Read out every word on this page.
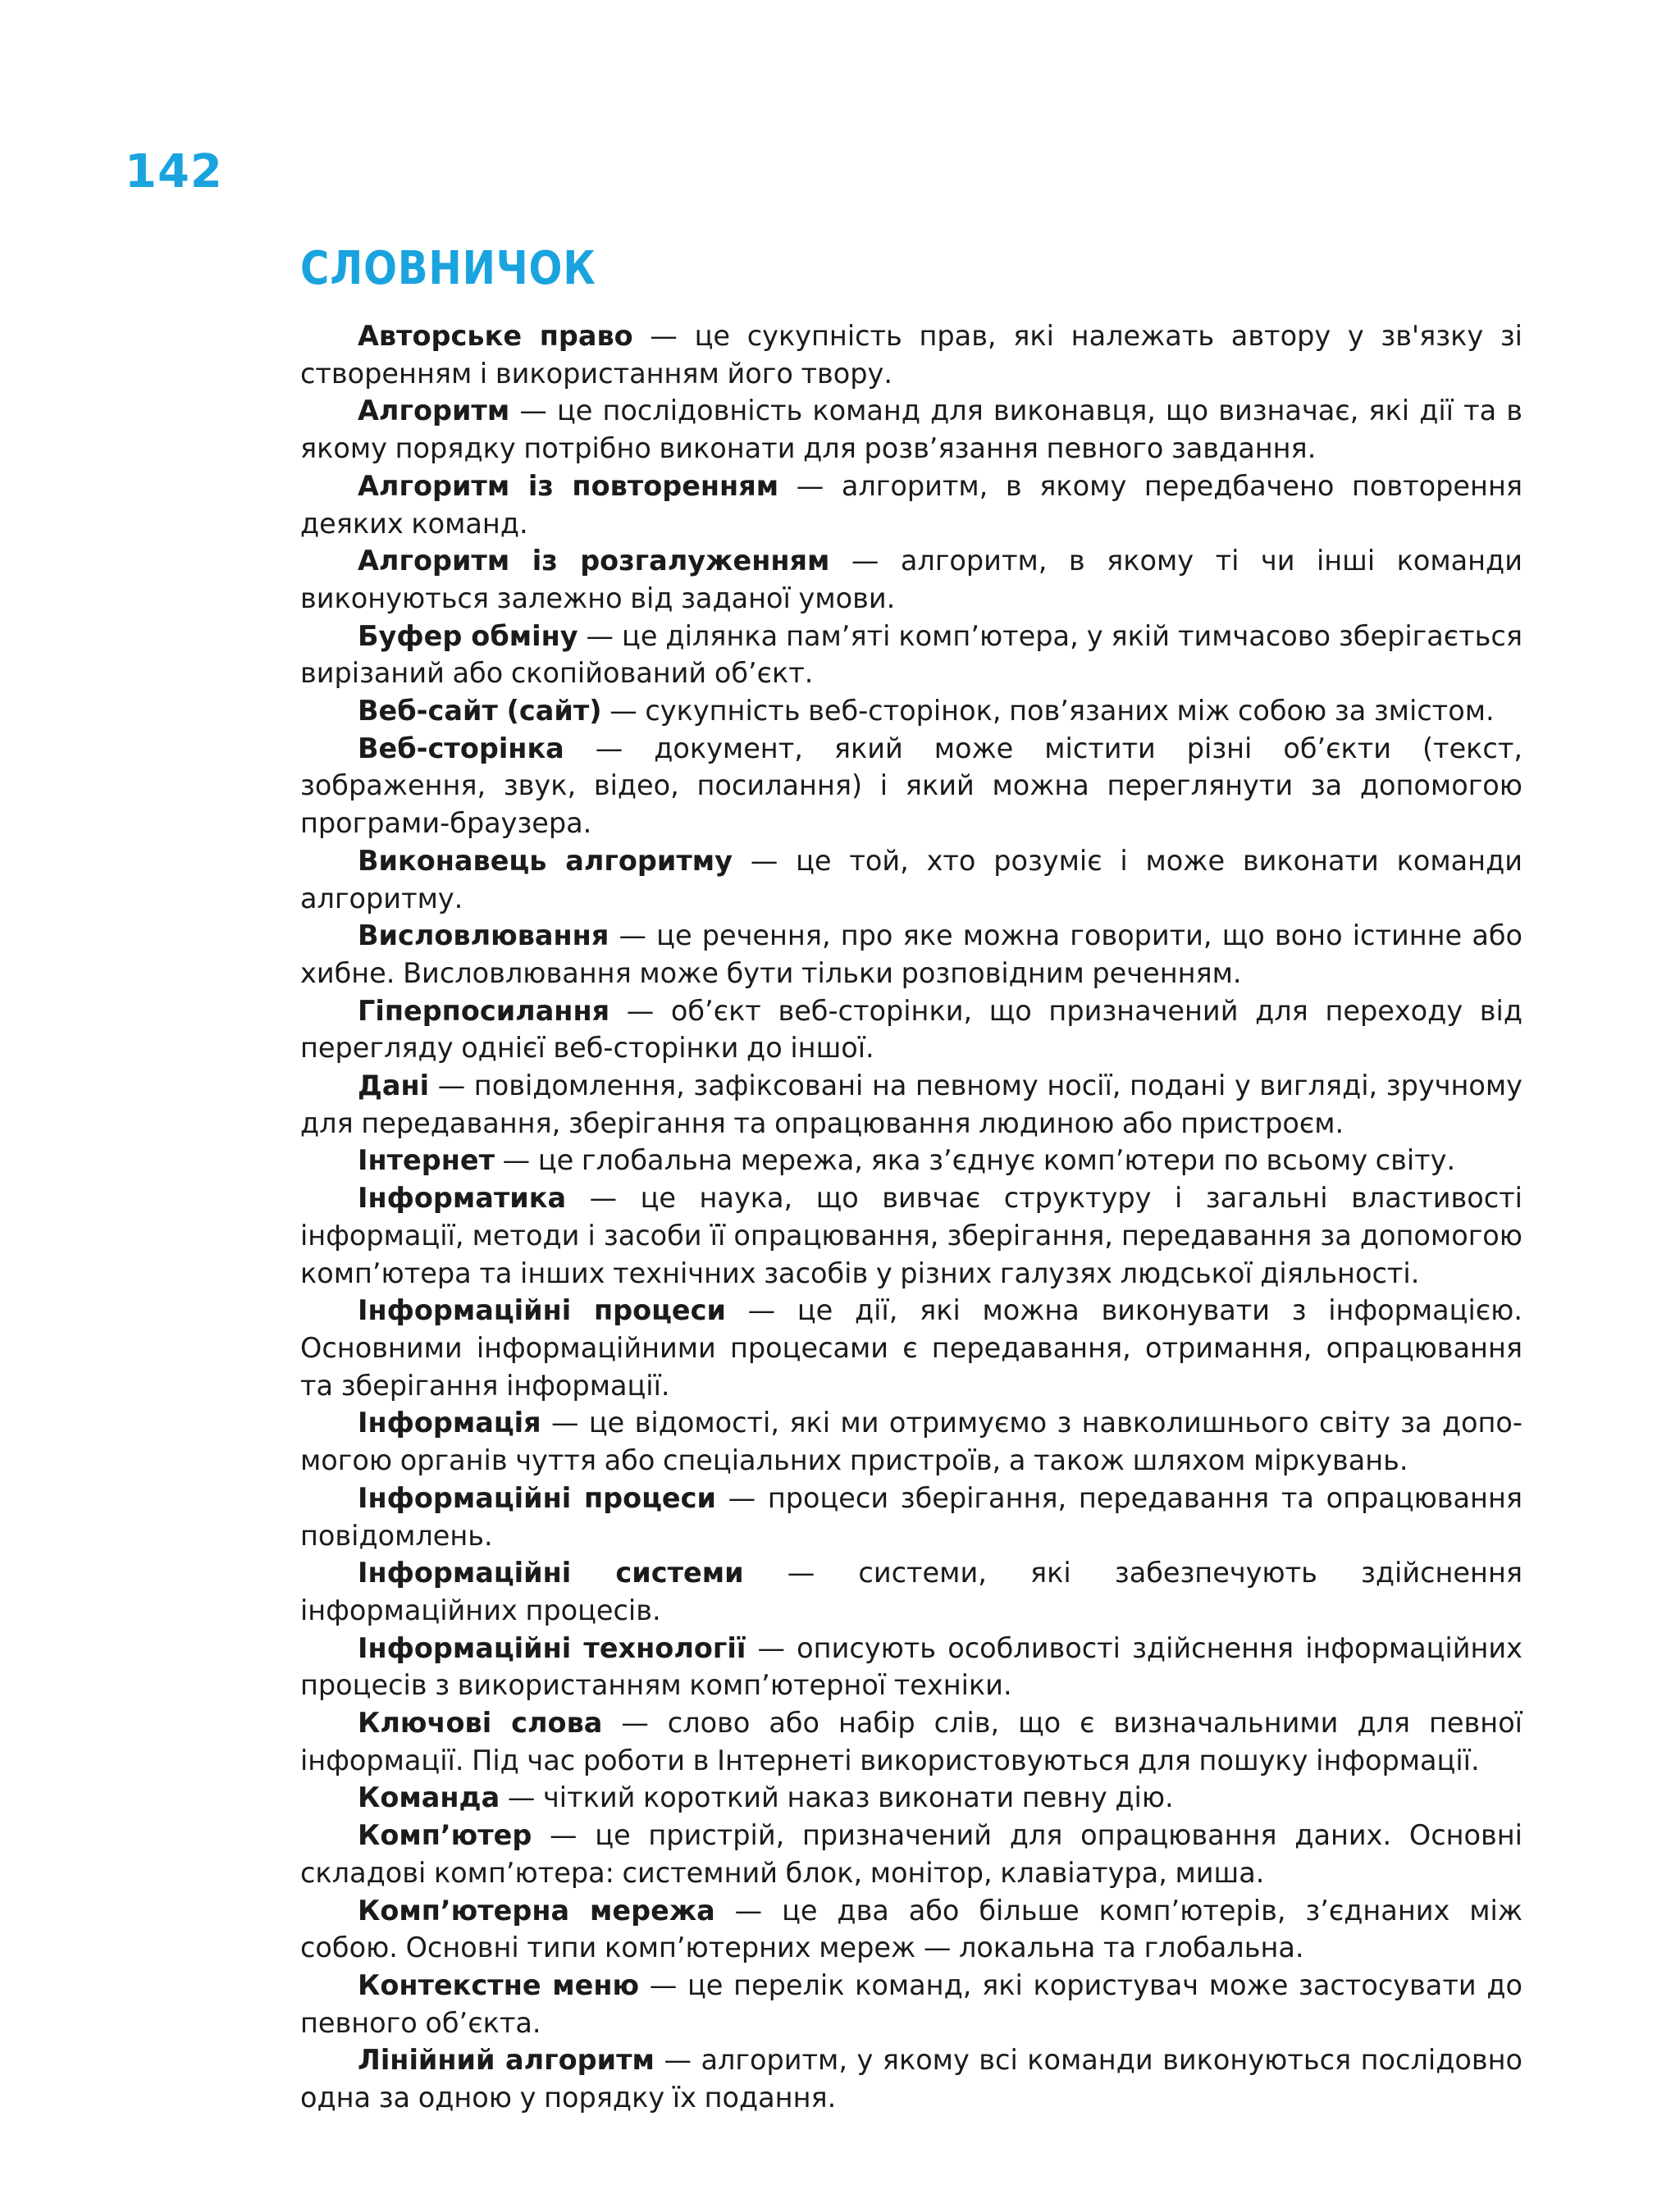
142
СЛОВНИЧОК

Авторське право — це сукупність прав, які належать автору у зв'язку зі створенням і використанням його твору.

Алгоритм — це послідовність команд для виконавця, що визначає, які дії та в якому порядку потрібно виконати для розв’язання певного завдання.

Алгоритм із повторенням — алгоритм, в якому передбачено повторення деяких команд.

Алгоритм із розгалуженням — алгоритм, в якому ті чи інші команди виконуються залежно від заданої умови.

Буфер обміну — це ділянка пам’яті комп’ютера, у якій тимчасово зберігається вирізаний або скопійований об’єкт.

Веб-сайт (сайт) — сукупність веб-сторінок, пов’язаних між собою за змістом.

Веб-сторінка — документ, який може містити різні об’єкти (текст, зображення, звук, відео, посилання) і який можна переглянути за допомогою програми-браузера.

Виконавець алгоритму — це той, хто розуміє і може виконати команди алгоритму.

Висловлювання — це речення, про яке можна говорити, що воно істинне або хибне. Висловлювання може бути тільки розповідним реченням.

Гіперпосилання — об’єкт веб-сторінки, що призначений для переходу від перегляду однієї веб-сторінки до іншої.

Дані — повідомлення, зафіксовані на певному носії, подані у вигляді, зручному для передавання, зберігання та опрацювання людиною або пристроєм.

Інтернет — це глобальна мережа, яка з’єднує комп’ютери по всьому світу.

Інформатика — це наука, що вивчає структуру і загальні властивості інформації, методи і засоби її опрацювання, зберігання, передавання за допомогою комп’ютера та інших технічних засобів у різних галузях людської діяльності.

Інформаційні процеси — це дії, які можна виконувати з інформацією. Основними інформаційними процесами є передавання, отримання, опрацювання та зберігання інформації.

Інформація — це відомості, які ми отримуємо з навколишнього світу за допомогою органів чуття або спеціальних пристроїв, а також шляхом міркувань.

Інформаційні процеси — процеси зберігання, передавання та опрацювання повідомлень.

Інформаційні системи — системи, які забезпечують здійснення інформаційних процесів.

Інформаційні технології — описують особливості здійснення інформаційних процесів з використанням комп’ютерної техніки.

Ключові слова — слово або набір слів, що є визначальними для певної інформації. Під час роботи в Інтернеті використовуються для пошуку інформації.

Команда — чіткий короткий наказ виконати певну дію.

Комп’ютер — це пристрій, призначений для опрацювання даних. Основні складові комп’ютера: системний блок, монітор, клавіатура, миша.

Комп’ютерна мережа — це два або більше комп’ютерів, з’єднаних між собою. Основні типи комп’ютерних мереж — локальна та глобальна.

Контекстне меню — це перелік команд, які користувач може застосувати до певного об’єкта.

Лінійний алгоритм — алгоритм, у якому всі команди виконуються послідовно одна за одною у порядку їх подання.
